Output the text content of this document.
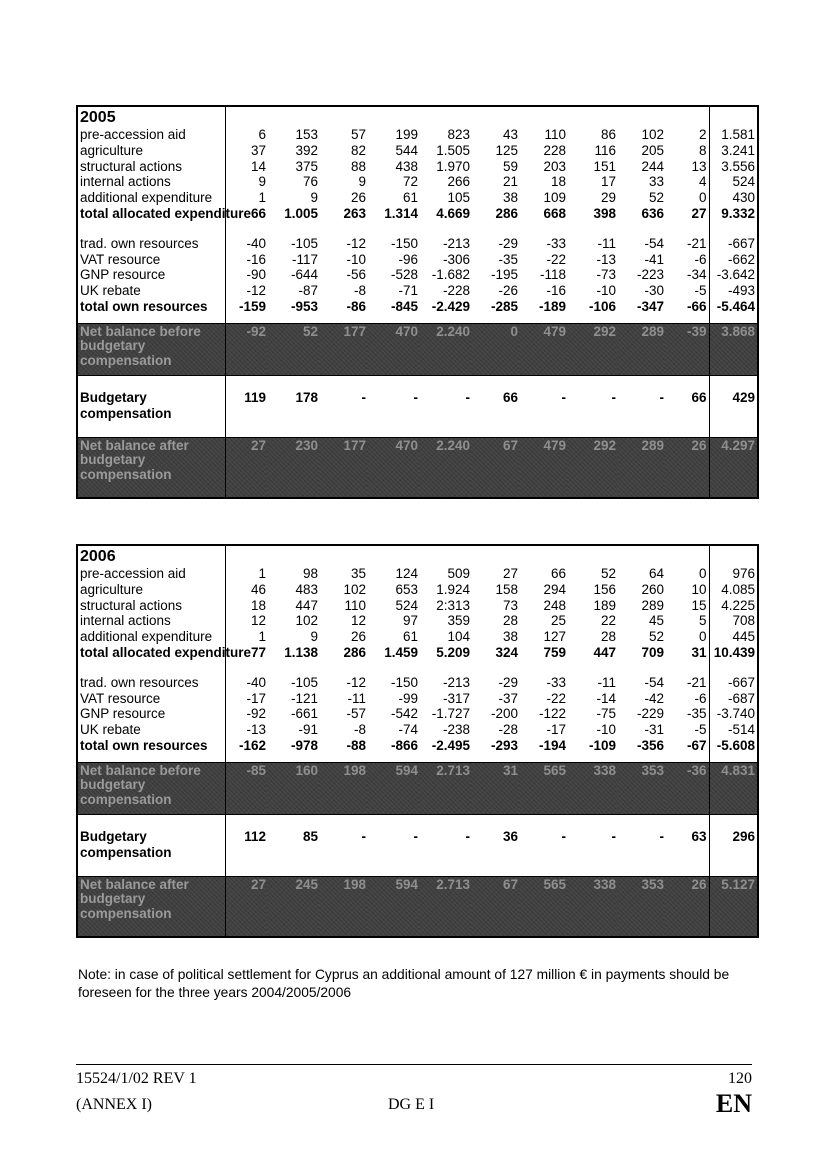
2005											
pre-accession aid	6	153	57	199	823	43	110	86	102	2	1.581
agriculture	37	392	82	544	1.505	125	228	116	205	8	3.241
structural actions	14	375	88	438	1.970	59	203	151	244	13	3.556
internal actions	9	76	9	72	266	21	18	17	33	4	524
additional expenditure	1	9	26	61	105	38	109	29	52	0	430
total allocated expenditure	66	1.005	263	1.314	4.669	286	668	398	636	27	9.332

trad. own resources	-40	-105	-12	-150	-213	-29	-33	-11	-54	-21	-667
VAT resource	-16	-117	-10	-96	-306	-35	-22	-13	-41	-6	-662
GNP resource	-90	-644	-56	-528	-1.682	-195	-118	-73	-223	-34	-3.642
UK rebate	-12	-87	-8	-71	-228	-26	-16	-10	-30	-5	-493
total own resources	-159	-953	-86	-845	-2.429	-285	-189	-106	-347	-66	-5.464

Net balance before budgetary compensation	-92	52	177	470	2.240	0	479	292	289	-39	3.868

Budgetary compensation	119	178	-	-	-	66	-	-	-	66	429

Net balance after budgetary compensation	27	230	177	470	2.240	67	479	292	289	26	4.297
2006											
pre-accession aid	1	98	35	124	509	27	66	52	64	0	976
agriculture	46	483	102	653	1.924	158	294	156	260	10	4.085
structural actions	18	447	110	524	2:313	73	248	189	289	15	4.225
internal actions	12	102	12	97	359	28	25	22	45	5	708
additional expenditure	1	9	26	61	104	38	127	28	52	0	445
total allocated expenditure	77	1.138	286	1.459	5.209	324	759	447	709	31	10.439

trad. own resources	-40	-105	-12	-150	-213	-29	-33	-11	-54	-21	-667
VAT resource	-17	-121	-11	-99	-317	-37	-22	-14	-42	-6	-687
GNP resource	-92	-661	-57	-542	-1.727	-200	-122	-75	-229	-35	-3.740
UK rebate	-13	-91	-8	-74	-238	-28	-17	-10	-31	-5	-514
total own resources	-162	-978	-88	-866	-2.495	-293	-194	-109	-356	-67	-5.608

Net balance before budgetary compensation	-85	160	198	594	2.713	31	565	338	353	-36	4.831

Budgetary compensation	112	85	-	-	-	36	-	-	-	63	296

Net balance after budgetary compensation	27	245	198	594	2.713	67	565	338	353	26	5.127
Note: in case of political settlement for Cyprus an additional amount of 127 million € in payments should be foreseen for the three years 2004/2005/2006
15524/1/02 REV 1
(ANNEX I)	DG E I
120
EN
